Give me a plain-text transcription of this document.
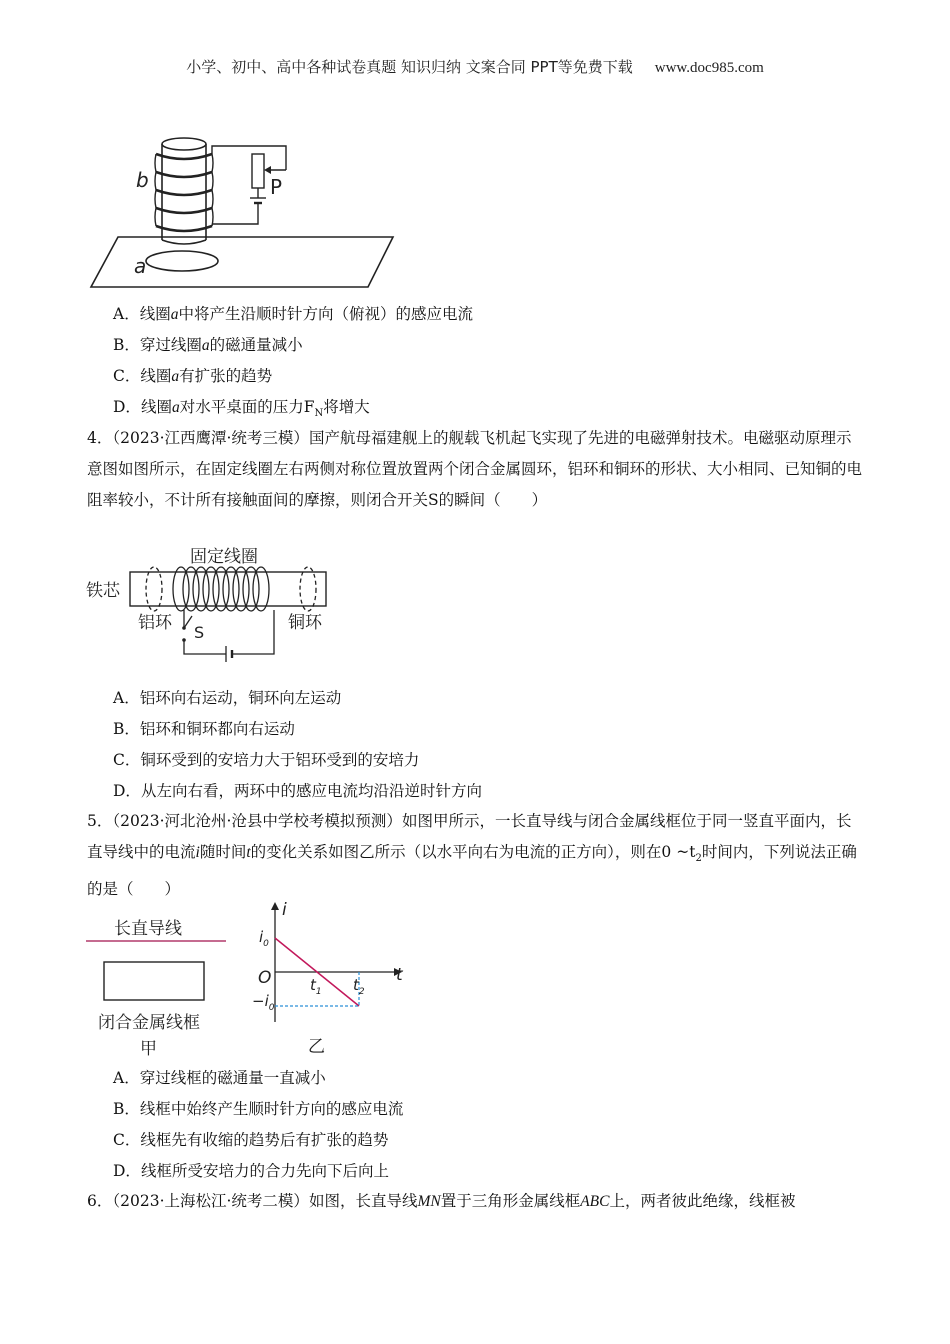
小学、初中、高中各种试卷真题 知识归纳 文案合同 PPT等免费下载 www.doc985.com
b
a
P
A．线圈a中将产生沿顺时针方向（俯视）的感应电流
B．穿过线圈a的磁通量减小
C．线圈a有扩张的趋势
D．线圈a对水平桌面的压力$F_N$将增大

4．（2023·江西鹰潭·统考三模）国产航母福建舰上的舰载飞机起飞实现了先进的电磁弹射技术。电磁驱动原理示意图如图所示，在固定线圈左右两侧对称位置放置两个闭合金属圆环，铝环和铜环的形状、大小相同、已知铜的电阻率较小，不计所有接触面间的摩擦，则闭合开关S的瞬间（　　）

固定线圈
铁芯
铝环	铜环
S
A．铝环向右运动，铜环向左运动
B．铝环和铜环都向右运动
C．铜环受到的安培力大于铝环受到的安培力
D．从左向右看，两环中的感应电流均沿沿逆时针方向

5．（2023·河北沧州·沧县中学校考模拟预测）如图甲所示，一长直导线与闭合金属线框位于同一竖直平面内，长直导线中的电流i随时间t的变化关系如图乙所示（以水平向右为电流的正方向），则在0 $\sim t_2$时间内，下列说法正确的是（　　）

长直导线
闭合金属线框
甲
i
t
O
$i_0$
$-i_0$
$t_1$ $t_2$
乙
A．穿过线框的磁通量一直减小
B．线框中始终产生顺时针方向的感应电流
C．线框先有收缩的趋势后有扩张的趋势
D．线框所受安培力的合力先向下后向上

6．（2023·上海松江·统考二模）如图，长直导线MN置于三角形金属线框ABC上，两者彼此绝缘，线框被
